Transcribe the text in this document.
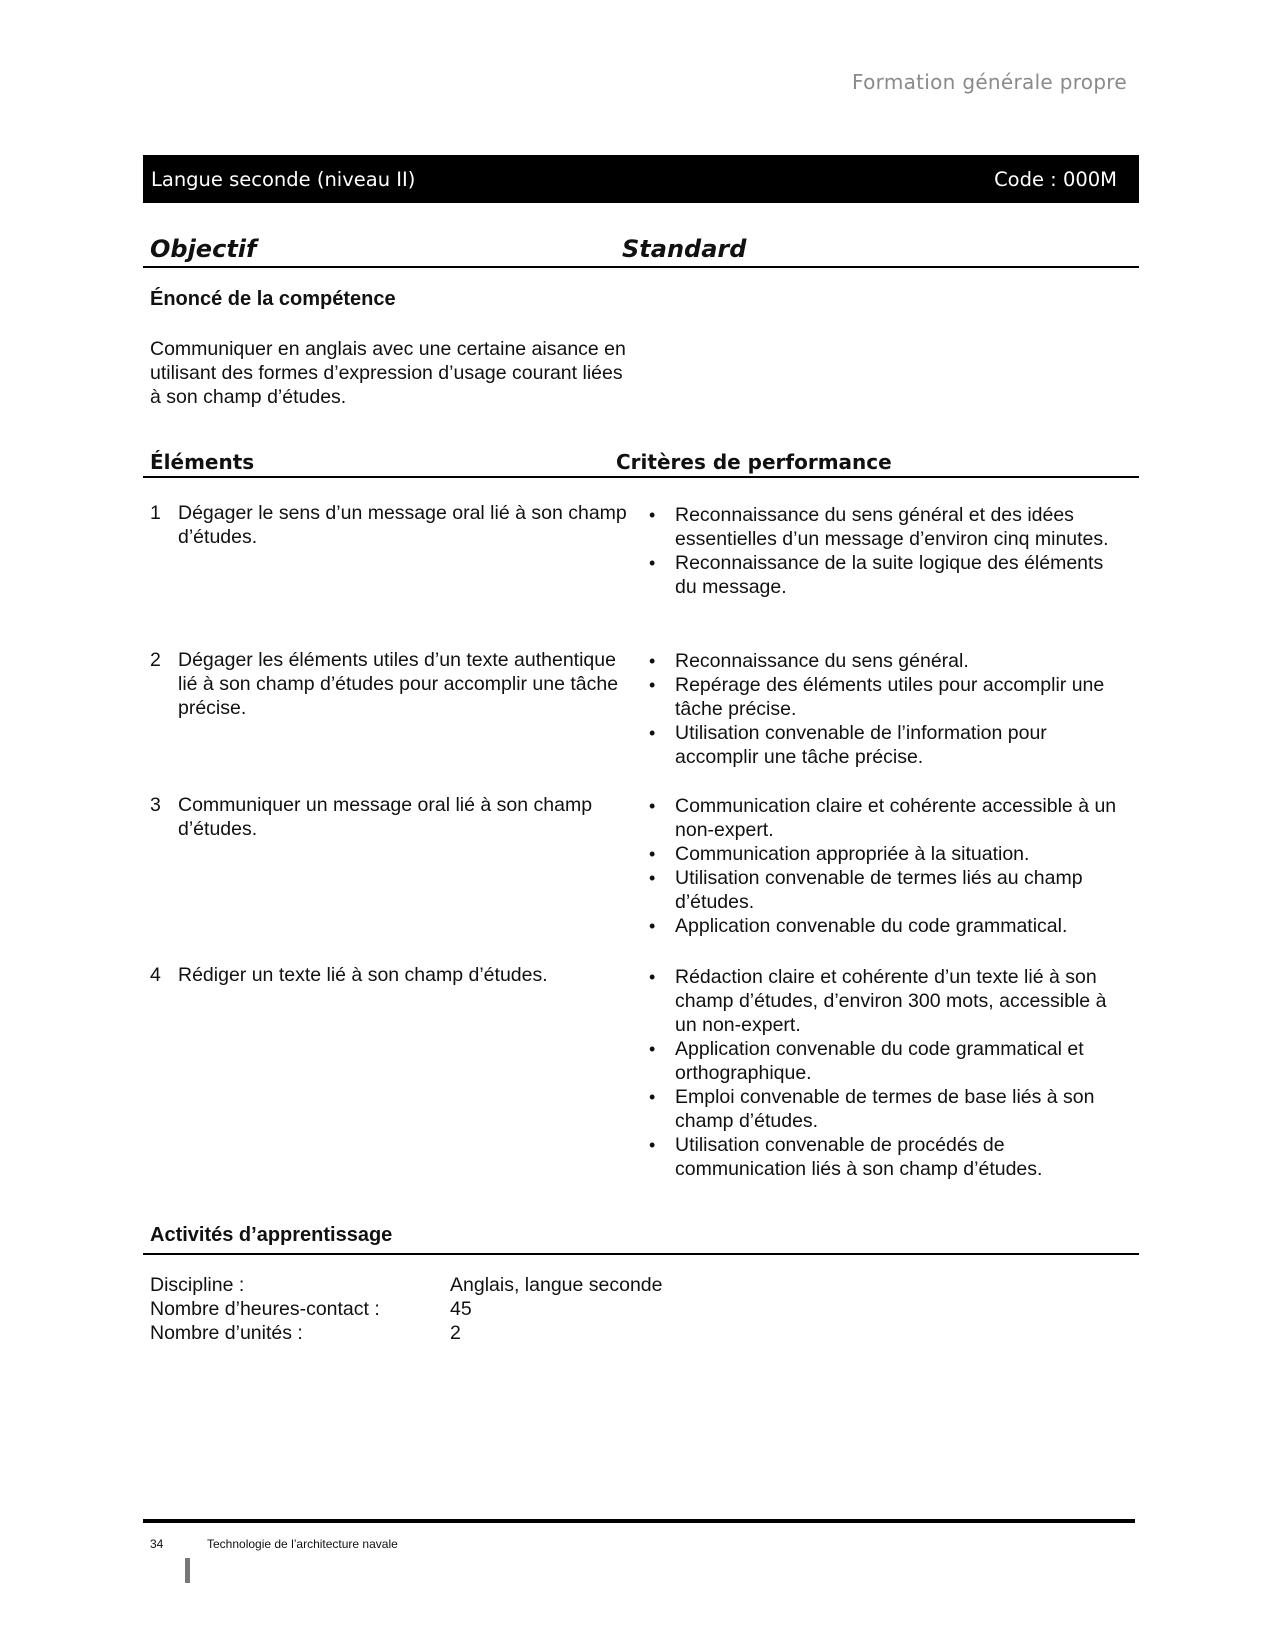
Formation générale propre
Langue seconde (niveau II)	Code : 000M
Objectif	Standard
Énoncé de la compétence
Communiquer en anglais avec une certaine aisance en utilisant des formes d’expression d’usage courant liées à son champ d’études.
Éléments	Critères de performance
1 Dégager le sens d’un message oral lié à son champ d’études.
• Reconnaissance du sens général et des idées essentielles d’un message d’environ cinq minutes.
• Reconnaissance de la suite logique des éléments du message.
2 Dégager les éléments utiles d’un texte authentique lié à son champ d’études pour accomplir une tâche précise.
• Reconnaissance du sens général.
• Repérage des éléments utiles pour accomplir une tâche précise.
• Utilisation convenable de l’information pour accomplir une tâche précise.
3 Communiquer un message oral lié à son champ d’études.
• Communication claire et cohérente accessible à un non-expert.
• Communication appropriée à la situation.
• Utilisation convenable de termes liés au champ d’études.
• Application convenable du code grammatical.
4 Rédiger un texte lié à son champ d’études.
•	Rédaction claire et cohérente d’un texte lié à son champ d’études, d’environ 300 mots, accessible à un non-expert.
• Application convenable du code grammatical et orthographique.
• Emploi convenable de termes de base liés à son champ d’études.
• Utilisation convenable de procédés de communication liés à son champ d’études.
Activités d’apprentissage
Discipline :	Anglais, langue seconde
Nombre d’heures-contact :	45
Nombre d’unités :	2
34	Technologie de l’architecture navale
